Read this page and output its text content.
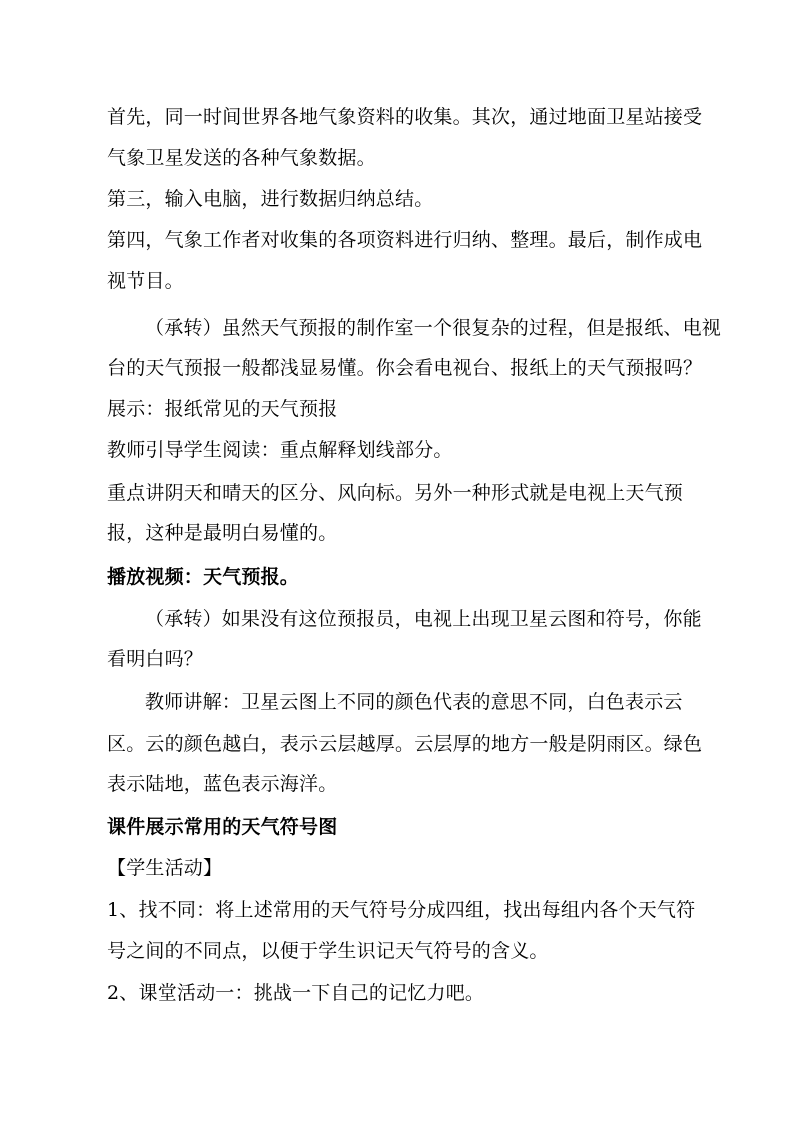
首先，同一时间世界各地气象资料的收集。其次，通过地面卫星站接受
气象卫星发送的各种气象数据。
第三，输入电脑，进行数据归纳总结。
第四，气象工作者对收集的各项资料进行归纳、整理。最后，制作成电
视节目。
（承转）虽然天气预报的制作室一个很复杂的过程，但是报纸、电视
台的天气预报一般都浅显易懂。你会看电视台、报纸上的天气预报吗？
展示：报纸常见的天气预报
教师引导学生阅读：重点解释划线部分。
重点讲阴天和晴天的区分、风向标。另外一种形式就是电视上天气预
报，这种是最明白易懂的。
播放视频：天气预报。
（承转）如果没有这位预报员，电视上出现卫星云图和符号，你能
看明白吗？
教师讲解：卫星云图上不同的颜色代表的意思不同，白色表示云
区。云的颜色越白，表示云层越厚。云层厚的地方一般是阴雨区。绿色
表示陆地，蓝色表示海洋。
课件展示常用的天气符号图
【学生活动】
1、找不同：将上述常用的天气符号分成四组，找出每组内各个天气符
号之间的不同点，以便于学生识记天气符号的含义。
2、课堂活动一：挑战一下自己的记忆力吧。
